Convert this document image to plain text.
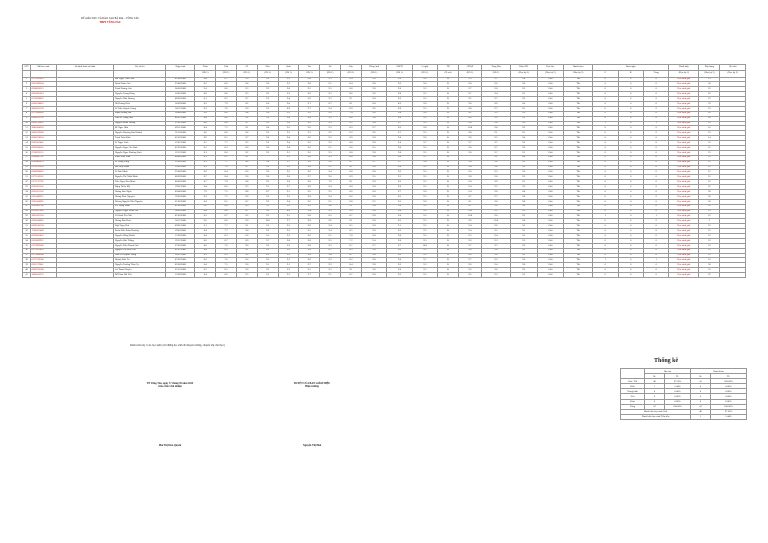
SỞ GIÁO DỤC VÀ ĐÀO TẠO BÀ RỊA – VŨNG TÀU
THPT VŨNG TÀU
STT	Mã học sinh	Số định danh cá nhân	Họ và tên	Ngày sinh	Toán	Văn	GI	Hóa	Sinh	Tin	Sử	Địa	Tiếng Anh	GDCD	C.nghệ	TD	GDQP	Tổng Phụ	Điểm TK	Học lực	Hạnh kiểm	Buổi nghỉ			Danh hiệu	Xếp hạng	Ghi chú
					(HS 1)	(HS 1)	(HS 1)	(HS 1)	(HS 1)	(HS 1)	(HS 1)	(HS 1)	(HS 1)	(HS 1)	(HS 1)	(N.xét)	(HS 1)	(HS 1)	(Học kỳ 2)	(Học kỳ 2)	(Học kỳ 2)	P	K	Tổng	(Học kỳ 2)	(Học kỳ 2)	(Học kỳ 2)
1	0173870063		Bùi Ngọc Thảo Anh	01/08/2008	8.4	8.7	9.6	9.2	9.2	9.8	9.5	9.4	9.6	9.8	9.6	Đ	9.5	9.7	9.4	Giỏi	Tốt	0	0	0	Học sinh giỏi	13	
2	0265429564		Đoàn Hoàn Anh	25/04/2008	8.2	8.0	9.4	9.2	9.2	9.8	9.1	8.4	9.8	9.6	9.6	Đ	9.0	9.6	9.0	Giỏi	Tốt	0	0	0	Học sinh giỏi	30	
3	0268036515		Trịnh Hoàng Anh	24/06/2008	9.4	8.0	9.3	9.2	9.0	9.5	9.3	8.8	9.8	9.8	9.5	Đ	9.7	9.0	9.3	Giỏi	Tốt	0	0	0	Học sinh giỏi	16	
4	6665081618		Nguyễn Trung Dũng	16/05/2008	8.6	8.0	9.5	9.2	9.2	9.6	9.1	8.6	9.6	9.8	9.5	Đ	8.7	9.4	9.1	Giỏi	Tốt	0	0	0	Học sinh giỏi	26	
5	0170628032		Nguyễn Hữu Đương	08/06/2008	8.1	8.2	9.7	9.2	9.4	9.6	9.5	9.1	9.8	9.6	9.5	Đ	9.5	9.7	9.2	Giỏi	Tốt	0	0	0	Học sinh giỏi	22	
6	0506524835		Hồ Hoàng Hiền	14/09/2008	8.3	7.9	8.2	8.6	9.0	9.1	8.7	8.1	8.8	8.6	9.0	Đ	9.0	8.9	8.6	Giỏi	Tốt	0	0	0	Học sinh giỏi	33	
7	0005831138		Lê Trần Quỳnh Giang	18/11/2008	8.3	7.6	9.0	9.2	8.9	9.7	9.4	8.9	9.6	9.8	9.5	Đ	8.8	9.7	9.1	Giỏi	Tốt	0	0	0	Học sinh giỏi	25	
8	0173968096		Phạm Hoàng Hải	10/08/2008	9.0	8.0	9.4	9.6	9.5	9.5	9.5	7.4	9.0	9.8	9.0	Đ	9.1	9.5	9.3	Giỏi	Tốt	0	0	0	Học sinh giỏi	16	
9	0268612765		Trần Lê Hồng Hảo	06/07/2008	8.4	8.0	9.2	9.2	9.0	9.8	9.2	8.6	9.8	9.8	9.5	Đ	8.9	9.5	9.2	Giỏi	Tốt	0	0	0	Học sinh giỏi	20	
10	0268716019		Nguyễn Minh Hoàng	27/01/2008	8.6	8.0	9.7	9.2	9.6	9.6	9.5	9.2	9.8	9.7	9.5	Đ	9.0	9.0	9.3	Giỏi	Tốt	1	0	1	Học sinh giỏi	16	
11	2086424203		Bế Ngọc Hữu	09/11/2008	8.4	7.1	9.1	9.4	9.3	9.6	9.3	8.9	9.7	9.6	9.8	Đ	10.0	9.8	9.3	Giỏi	Tốt	0	0	0	Học sinh giỏi	16	
12	0068219308		Nguyễn Phương Bảo Khánh	12/10/2008	8.6	8.0	9.4	9.2	9.3	9.5	9.2	8.3	9.6	9.1	9.5	Đ	8.8	9.1	9.1	Giỏi	Tốt	0	0	0	Học sinh giỏi	25	
13	0064378654		Trịnh Tuấn Kiên	01/05/2008	8.9	8.1	9.7	9.0	9.0	9.6	9.2	8.9	9.8	9.8	9.6	Đ	9.6	9.5	9.4	Giỏi	Tốt	0	0	0	Học sinh giỏi	14	
14	0201001445		Lê Ngọc Linh	13/07/2008	8.7	7.7	9.3	9.2	9.4	9.6	9.5	8.8	9.8	9.4	9.7	Đ	9.7	9.7	9.2	Giỏi	Tốt	0	0	0	Học sinh giỏi	22	
15	0962694541		Nguyễn Ngọc Gia Linh	01/03/2008	8.5	8.3	8.9	9.2	9.4	9.6	9.1	9.0	9.5	9.8	9.5	Đ	9.6	9.7	9.2	Giỏi	Tốt	0	0	0	Học sinh giỏi	22	
16	0768292131		Nguyễn Ngọc Phương Linh	12/12/2008	8.1	8.0	9.2	9.2	9.1	9.6	9.3	8.8	9.8	9.8	9.5	Đ	9.0	9.7	9.1	Giỏi	Tốt	0	0	0	Học sinh giỏi	25	
17	0268447741		Phan Thảo Linh	08/08/2008	8.1	8.1	9.1		9.1	9.8	9.5	8.8	9.8	9.8	9.7	Đ		9.1	8.8	Giỏi	Tốt	0	0	0	Học sinh giỏi	33	
18	0260460074		Lê Hồng Long	22/06/2008	8.1	7.7	8.8	9.4	9.7	9.8	9.6	8.7	9.7	9.7	9.4	Đ	9.4	9.0	9.2	Giỏi	Tốt	0	0	0	Học sinh giỏi	22	
19	0174215383		Bùi Duy Mạnh	19/05/2008	8.9	7.8	8.7	9.2	9.3	9.8	9.1	8.1	9.8	9.8	9.5	Đ	9.4	9.0	9.2	Giỏi	Tốt	0	0	0	Học sinh giỏi	22	
20	0664094643		Lê Bảo Minh	22/04/2008	8.9	8.4	8.9	9.2	9.5	9.6	9.4	8.8	9.8	9.6	9.5	Đ	9.6	9.5	9.2	Giỏi	Tốt	0	0	0	Học sinh giỏi	21	
21	0173216561		Nguyễn Thế Nhật Minh	08/09/2008	8.7	8.4	9.6	9.0	9.8	9.7	9.6	8.9	9.5	9.2	9.5	Đ	9.8	9.0	9.3	Giỏi	Tốt	0	0	0	Học sinh giỏi	16	
22	0175137783		Trần Ngọc Bảo Minh	04/06/2008	8.7	7.9	9.4	9.2	9.0	9.8	7.9	8.1	9.8	9.6	9.5	Đ	9.4	8.9	9.1	Giỏi	Tốt	0	0	0	Học sinh giỏi	25	
23	0365851114		Đặng Thiên Mỹ	19/01/2008	8.4	8.0	9.3	9.2	9.7	9.8	9.4	8.8	9.8	9.8	9.5	Đ	9.4	9.5	9.3	Giỏi	Tốt	0	0	0	Học sinh giỏi	16	
24	0263471556		Hoàng Bảo Ngân	06/04/2008	7.9	7.5	8.8	8.7	9.1	9.6	9.2	8.6	9.8	9.7	9.0	Đ	9.4	9.0	8.8	Giỏi	Tốt	0	0	0	Học sinh giỏi	36	
25	0365449931		Hoàng Phúc Nguyên	19/05/2008	8.3	7.5	9.6	9.2	9.3	9.8	9.4	8.6	9.8	9.6	9.5	Đ	8.7	9.7	9.0	Giỏi	Tốt	0	0	0	Học sinh giỏi	30	
26	0365434965		Dương Nguyễn Như Nguyên	21/06/2008	8.4	8.1	8.7	9.2	9.4	9.6	9.1	8.8	9.2	9.3	9.0	Đ	9.1	9.0	9.0	Giỏi	Tốt	0	0	0	Học sinh giỏi	30	
27	0305062700		Võ Trọng Nhân	01/06/2008	9.0	8.0	8.9	9.1	9.5	9.5	9.6	9.1	9.8	9.8	9.5	Đ	8.7	9.6	9.3	Giỏi	Tốt	0	0	0	Học sinh giỏi	16	
28	0365627945		Nguyễn Ngọc Xuân Nhi	14/05/2008	8.4	8.0	8.7	9.2	8.9	9.4	9.5	9.6	9.8	9.8	9.6	Đ	9.4	9.5	9.1	Giỏi	Tốt	0	0	0	Học sinh giỏi	25	
29	2065431124		Võ Đình Yến Nhi	01/06/2008	8.3	8.7	9.2	9.5	9.1	9.8	8.5	8.7	9.8	9.8	9.5	Đ	10.0	9.6	9.2	Giỏi	Tốt	1	0	1	Học sinh giỏi	22	
30	0660434945		Hoàng Bảo Phúc	14/11/2008	9.0	8.0	9.0	10.0	9.7	9.8	9.6	9.1	9.8	9.6	9.5	Đ	9.6	10.0	9.4	Giỏi	Tốt	0	0	0	Học sinh giỏi	3	
31	0668316138		Ngô Ngọc Phú	09/01/2008	9.1	7.7	9.1	9.2	9.2	9.8	9.4	8.5	9.8	9.1	9.5	Đ	9.4	9.6	9.2	Giỏi	Tốt	0	0	0	Học sinh giỏi	22	
32	1764101449		Đoàn Hữu Xuân Phương	19/05/2008	8.4	7.7	9.0	9.2	9.2	9.5	9.4	8.5	9.8	9.6	9.5	Đ	9.4	9.5	9.1	Giỏi	Tốt	0	0	0	Học sinh giỏi	25	
33	0365001423		Nguyễn Hồng Phước	17/06/2008	8.4	8.3	9.6	9.1	9.2	9.6	9.1	7.8	9.8	9.8	9.5	Đ	9.3	9.4	9.1	Giỏi	Tốt	0	0	0	Học sinh giỏi	25	
34	0363869921		Nguyễn Đức Thắng	19/11/2008	8.6	8.7	8.9	9.7	9.8	9.8	9.3	7.2	9.4	9.8	9.5	Đ	9.6	9.3	9.3	Giỏi	Tốt	0	0	0	Học sinh giỏi	16	
35	0173969346		Nguyễn Trần Thanh Quế	27/03/2008	8.0	7.6	9.6	9.2	9.2	9.8	9.5	8.7	9.7	9.7	10.0	Đ	9.7	9.7	9.2	Giỏi	Tốt	0	0	0	Học sinh giỏi	22	
36	0175161863		Nguyễn Thị Bích Thơ	01/07/2008	8.4	8.3	9.1	9.2	9.2	9.8	8.7	8.9	9.8	9.6	9.5	Đ	9.6	9.4	9.1	Giỏi	Tốt	0	0	0	Học sinh giỏi	25	
37	0175968308		Trần Vũ Quỳnh Trang	28/11/2008	8.5	8.2	9.6	8.9	9.3	9.8	9.4	8.7	9.8	9.6	9.5	Đ	8.9	9.6	9.2	Giỏi	Tốt	0	0	0	Học sinh giỏi	22	
38	0175219748		Huỳnh Đức Trí	07/02/2008	9.0	7.6	9.6	9.2	9.2	9.8	9.2	8.2	9.8	9.8	9.7	Đ	9.7	9.2	9.3	Giỏi	Tốt	1	0	1	Học sinh giỏi	16	
39	0365179041		Nguyễn Trường Thảo Vy	02/08/2008	8.4	7.5	9.0	9.1	9.1	9.7	9.3	8.4	9.8	9.6	9.5	Đ	9.6	9.4	9.0	Giỏi	Tốt	0	0	0	Học sinh giỏi	30	
40	0068726188		Vũ Thanh Xuyến	23/12/2008	8.7	8.5	9.6	9.2	9.3	9.5	9.1	9.1	9.8	9.8	9.5	Đ	9.6	9.6	9.3	Giỏi	Tốt	0	0	0	Học sinh giỏi	16	
41	2064541252		Đỗ Phan Hải Yến	13/09/2008	8.4	8.0	9.5	9.2	9.2	9.7	9.1	8.7	9.8	9.6	9.5	Đ	9.5	9.5	9.2	Giỏi	Tốt	0	0	0	Học sinh giỏi	22	
Danh sách này có 41 học sinh (với những học sinh đã chuyển trường, chuyển lớp, thôi học)
TP Vũng Tàu, ngày 17 tháng 05 năm 2024
Giáo viên Chủ nhiệm
Mai Thị Kim Quyên
DUYỆT CỦA BAN GIÁM HIỆU
Hiệu trưởng
Nguyễn Thị Huế
Thống kê
	Học lực		Hạnh kiểm	
	SL	TL	SL	TL
Giỏi / Tốt	40	97.56%	41	100.00%
Khá	1	2.44%	0	0.00%
Trung bình	0	0.00%	0	0.00%
Yếu	0	0.00%	0	0.00%
Kém	0	0.00%	0	0.00%
Tổng	41	100.00%	41	100.00%
Danh hiệu học sinh Giỏi			40	97.56%
Danh hiệu học sinh Tiên tiến			1	2.44%
